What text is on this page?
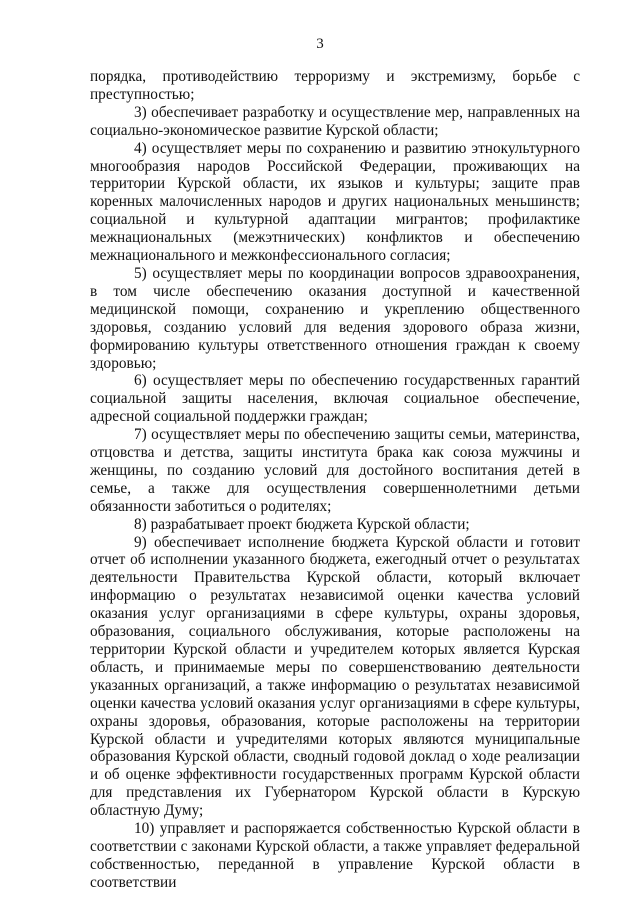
3

порядка, противодействию терроризму и экстремизму, борьбе с преступностью;

3) обеспечивает разработку и осуществление мер, направленных на социально-экономическое развитие Курской области;

4) осуществляет меры по сохранению и развитию этнокультурного многообразия народов Российской Федерации, проживающих на территории Курской области, их языков и культуры; защите прав коренных малочисленных народов и других национальных меньшинств; социальной и культурной адаптации мигрантов; профилактике межнациональных (межэтнических) конфликтов и обеспечению межнационального и межконфессионального согласия;

5) осуществляет меры по координации вопросов здравоохранения, в том числе обеспечению оказания доступной и качественной медицинской помощи, сохранению и укреплению общественного здоровья, созданию условий для ведения здорового образа жизни, формированию культуры ответственного отношения граждан к своему здоровью;

6) осуществляет меры по обеспечению государственных гарантий социальной защиты населения, включая социальное обеспечение, адресной социальной поддержки граждан;

7) осуществляет меры по обеспечению защиты семьи, материнства, отцовства и детства, защиты института брака как союза мужчины и женщины, по созданию условий для достойного воспитания детей в семье, а также для осуществления совершеннолетними детьми обязанности заботиться о родителях;

8) разрабатывает проект бюджета Курской области;

9) обеспечивает исполнение бюджета Курской области и готовит отчет об исполнении указанного бюджета, ежегодный отчет о результатах деятельности Правительства Курской области, который включает информацию о результатах независимой оценки качества условий оказания услуг организациями в сфере культуры, охраны здоровья, образования, социального обслуживания, которые расположены на территории Курской области и учредителем которых является Курская область, и принимаемые меры по совершенствованию деятельности указанных организаций, а также информацию о результатах независимой оценки качества условий оказания услуг организациями в сфере культуры, охраны здоровья, образования, которые расположены на территории Курской области и учредителями которых являются муниципальные образования Курской области, сводный годовой доклад о ходе реализации и об оценке эффективности государственных программ Курской области для представления их Губернатором Курской области в Курскую областную Думу;

10) управляет и распоряжается собственностью Курской области в соответствии с законами Курской области, а также управляет федеральной собственностью, переданной в управление Курской области в соответствии
